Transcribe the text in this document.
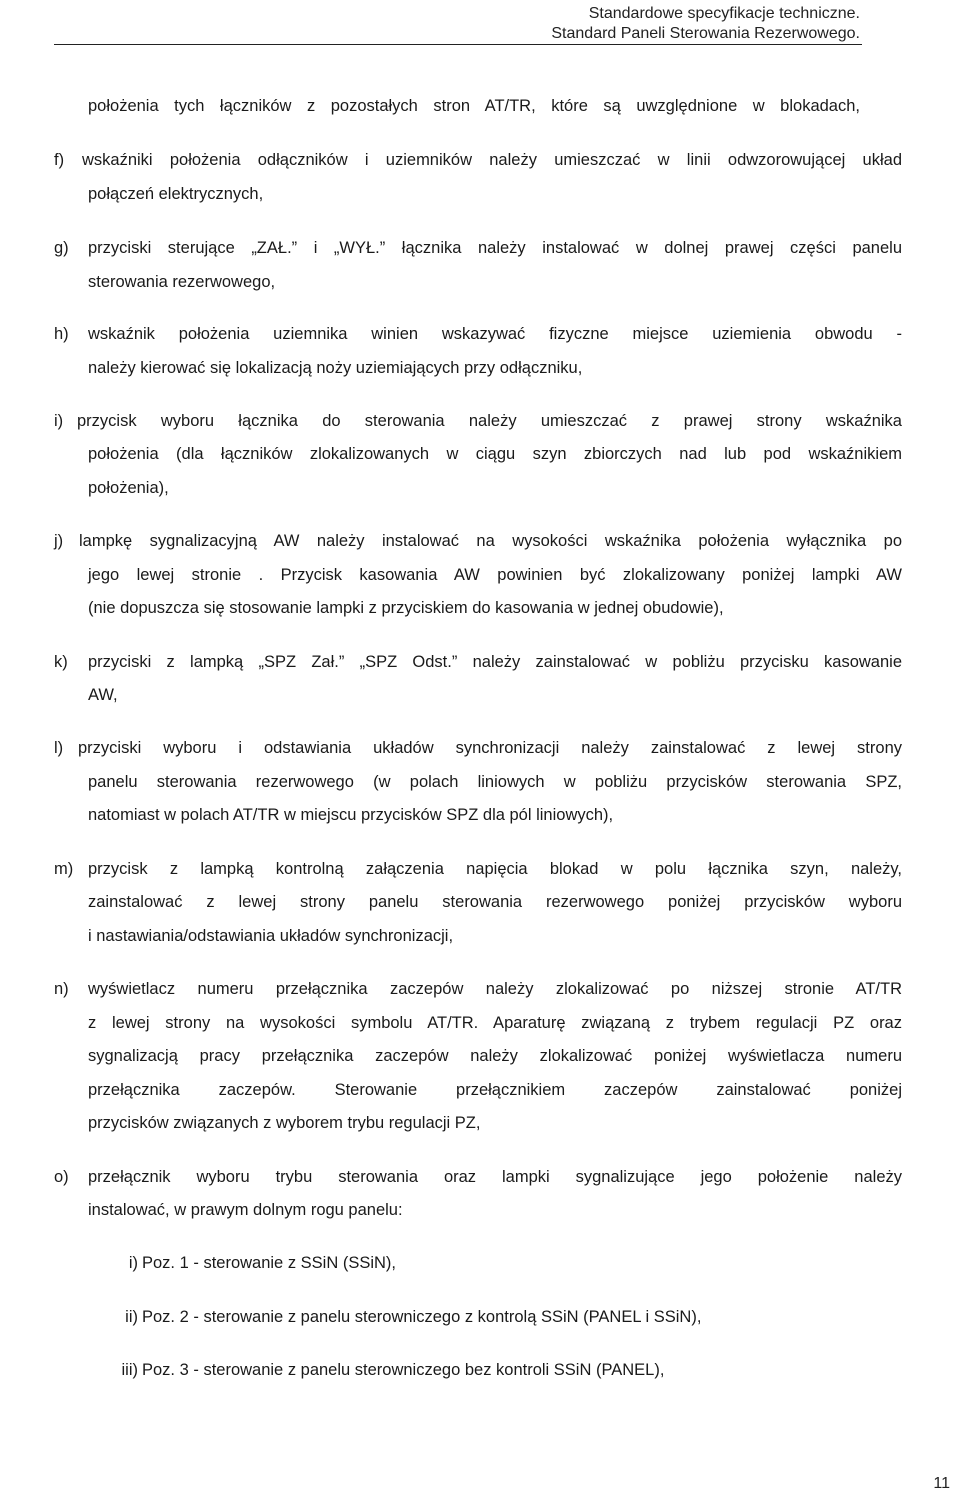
Standardowe specyfikacje techniczne.
Standard Paneli Sterowania Rezerwowego.
położenia tych łączników z pozostałych stron AT/TR, które są uwzględnione w blokadach,
f) wskaźniki położenia odłączników i uziemników należy umieszczać w linii odwzorowującej układ
połączeń elektrycznych,
g) przyciski sterujące „ZAŁ.” i „WYŁ.” łącznika należy instalować w dolnej prawej części panelu
sterowania rezerwowego,
h) wskaźnik położenia uziemnika winien wskazywać fizyczne miejsce uziemienia obwodu -
należy kierować się lokalizacją noży uziemiających przy odłączniku,
i) przycisk wyboru łącznika do sterowania należy umieszczać z prawej strony wskaźnika
położenia (dla łączników zlokalizowanych w ciągu szyn zbiorczych nad lub pod wskaźnikiem
położenia),
j) lampkę sygnalizacyjną AW należy instalować na wysokości wskaźnika położenia wyłącznika po
jego lewej stronie . Przycisk kasowania AW powinien być zlokalizowany poniżej lampki AW
(nie dopuszcza się stosowanie lampki z przyciskiem do kasowania w jednej obudowie),
k) przyciski z lampką „SPZ Zał.” „SPZ Odst.” należy zainstalować w pobliżu przycisku kasowanie
AW,
l) przyciski wyboru i odstawiania układów synchronizacji należy zainstalować z lewej strony
panelu sterowania rezerwowego (w polach liniowych w pobliżu przycisków sterowania SPZ,
natomiast w polach AT/TR w miejscu przycisków SPZ dla pól liniowych),
m) przycisk z lampką kontrolną załączenia napięcia blokad w polu łącznika szyn, należy,
zainstalować z lewej strony panelu sterowania rezerwowego poniżej przycisków wyboru
i nastawiania/odstawiania układów synchronizacji,
n) wyświetlacz numeru przełącznika zaczepów należy zlokalizować po niższej stronie AT/TR
z lewej strony na wysokości symbolu AT/TR. Aparaturę związaną z trybem regulacji PZ oraz
sygnalizacją pracy przełącznika zaczepów należy zlokalizować poniżej wyświetlacza numeru
przełącznika zaczepów. Sterowanie przełącznikiem zaczepów zainstalować poniżej
przycisków związanych z wyborem trybu regulacji PZ,
o) przełącznik wyboru trybu sterowania oraz lampki sygnalizujące jego położenie należy
instalować, w prawym dolnym rogu panelu:
i) Poz. 1 - sterowanie z SSiN (SSiN),
ii) Poz. 2 - sterowanie z panelu sterowniczego z kontrolą SSiN (PANEL i SSiN),
iii) Poz. 3 - sterowanie z panelu sterowniczego bez kontroli SSiN (PANEL),
11
